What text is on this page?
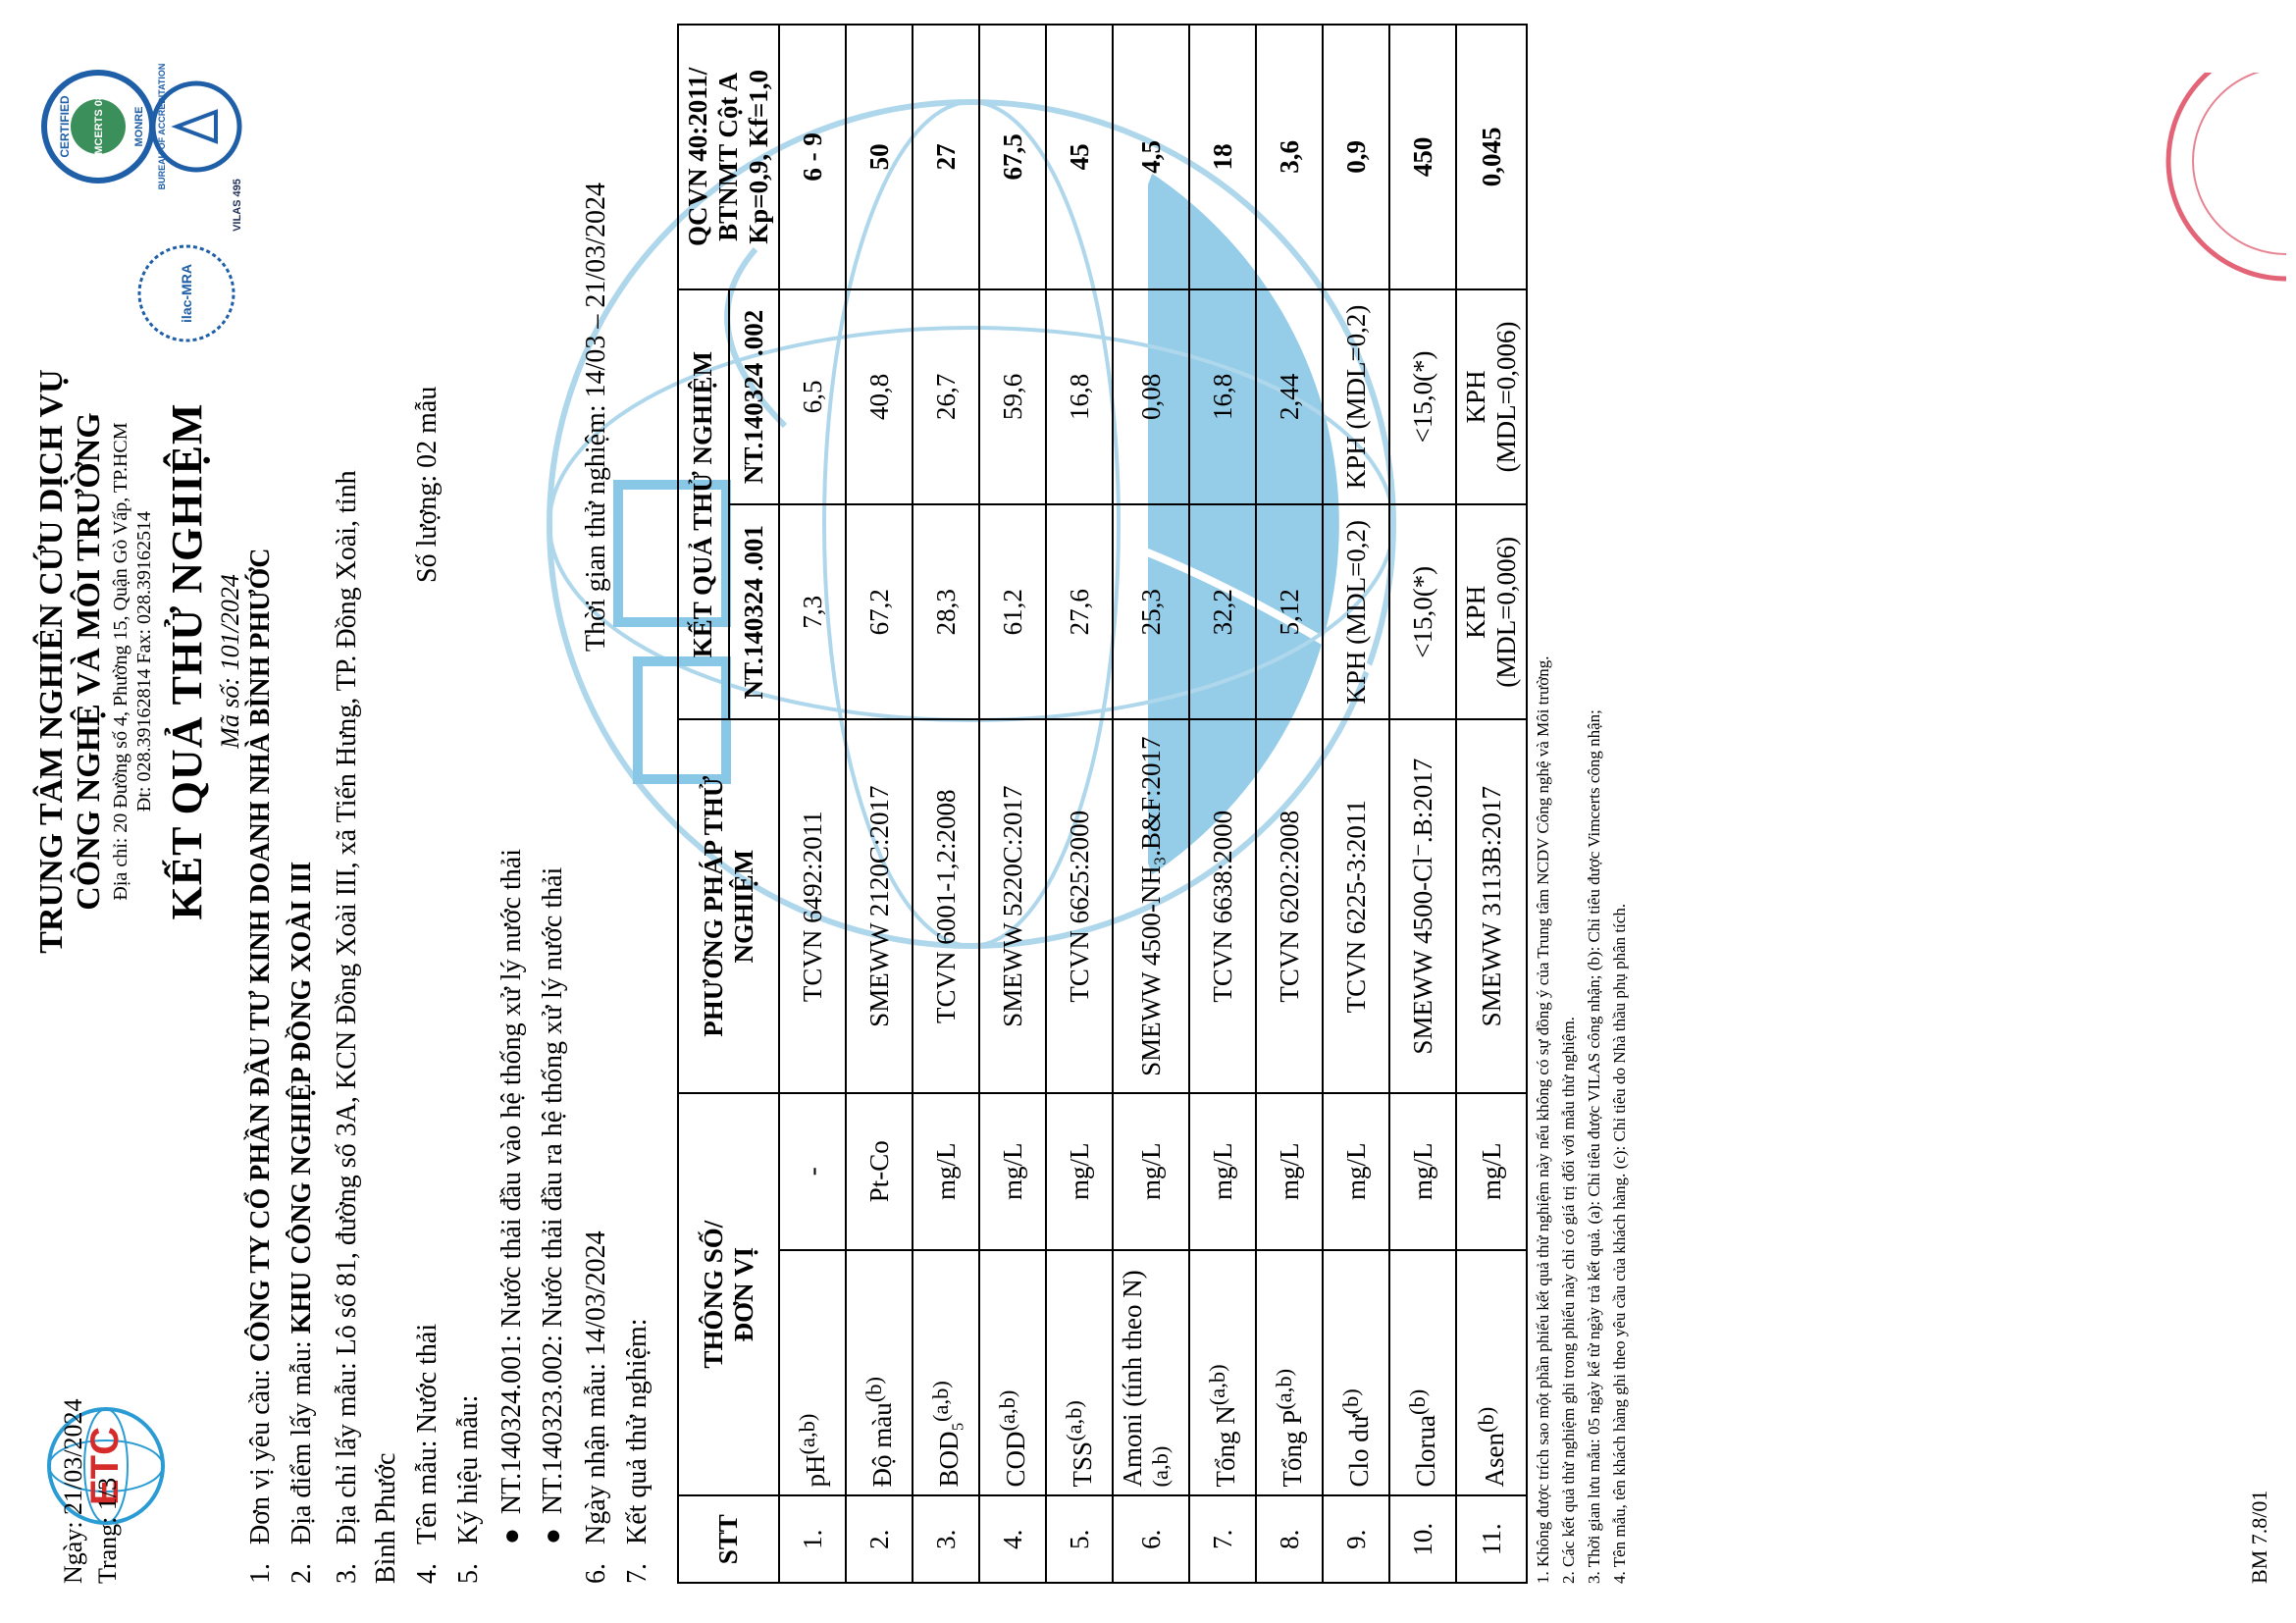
ETC
Ngày: 21/03/2024 Trang: 1/3
TRUNG TÂM NGHIÊN CỨU DỊCH VỤ CÔNG NGHỆ VÀ MÔI TRƯỜNG Địa chỉ: 20 Đường số 4, Phường 15, Quận Gò Vấp, TP.HCM Đt: 028.39162814 Fax: 028.39162514 KẾT QUẢ THỬ NGHIỆM Mã số: 101/2024
CERTIFIED VIMCERTS 089	MONRE
ilac-MRA
BUREAU OF ACCREDITATION
VILAS 495
1.Đơn vị yêu cầu: CÔNG TY CỔ PHẦN ĐẦU TƯ KINH DOANH NHÀ BÌNH PHƯỚC
2.Địa điểm lấy mẫu: KHU CÔNG NGHIỆP ĐỒNG XOÀI III
3.Địa chỉ lấy mẫu: Lô số 81, đường số 3A, KCN Đồng Xoài III, xã Tiến Hưng, TP. Đồng Xoài, tỉnh Bình Phước 4.Tên mẫu: Nước thải
Số lượng: 02 mẫu
5.Ký hiệu mẫu: ●  NT.140324.001: Nước thải đầu vào hệ thống xử lý nước thải
●  NT.140323.002: Nước thải đầu ra hệ thống xử lý nước thải
6.Ngày nhận mẫu: 14/03/2024
Thời gian thử nghiệm: 14/03 – 21/03/2024
7.Kết quả thử nghiệm: STT	THÔNG SỐ/
ĐƠN VỊ		PHƯƠNG PHÁP THỬ NGHIỆM	KẾT QUẢ THỬ NGHIỆM		QCVN 40:2011/ BTNMT Cột A Kp=0,9, Kf=1,0
				NT.140324 .001	NT.140324 .002	
1.	pH$^{(a,b)}$	-	TCVN 6492:2011	7,3	6,5	6 - 9
2.	Độ màu$^{(b)}$	Pt-Co	SMEWW 2120C:2017	67,2	40,8	50
3.	BOD₅$^{(a,b)}$	mg/L	TCVN 6001-1,2:2008	28,3	26,7	27
4.	COD$^{(a,b)}$	mg/L	SMEWW 5220C:2017	61,2	59,6	67,5
5.	TSS$^{(a,b)}$	mg/L	TCVN 6625:2000	27,6	16,8	45
6.	Amoni (tính theo N)$^{(a,b)}$	mg/L	SMEWW 4500-NH₃.B&F:2017	25,3	0,08	4,5
7.	Tổng N$^{(a,b)}$	mg/L	TCVN 6638:2000	32,2	16,8	18
8.	Tổng P$^{(a,b)}$	mg/L	TCVN 6202:2008	5,12	2,44	3,6
9.	Clo $dư^{(b)}$	mg/L	TCVN 6225-3:2011	KPH (MDL=0,2)	KPH (MDL=0,2)	0,9
10.	Clorua$^{(b)}$	mg/L	SMEWW 4500-Cl⁻.B:2017	<15,0(*)	<15,0(*)	450
11.	Asen$^{(b)}$	mg/L	SMEWW 3113B:2017	KPH (MDL=0,006)	KPH (MDL=0,006)	0,045
1. Không được trích sao một phần phiếu kết quả thử nghiệm này nếu không có sự đồng ý của Trung tâm NCDV Công nghệ và Môi trường. 2. Các kết quả thử nghiệm ghi trong phiếu này chỉ có giá trị đối với mẫu thử nghiệm. 3. Thời gian lưu mẫu: 05 ngày kể từ ngày trả kết quả. (a): Chỉ tiêu được VILAS công nhận; (b): Chỉ tiêu được Vimcerts công nhận; 4. Tên mẫu, tên khách hàng ghi theo yêu cầu của khách hàng. (c): Chỉ tiêu do Nhà thầu phụ phân tích.	BM 7.8/01
